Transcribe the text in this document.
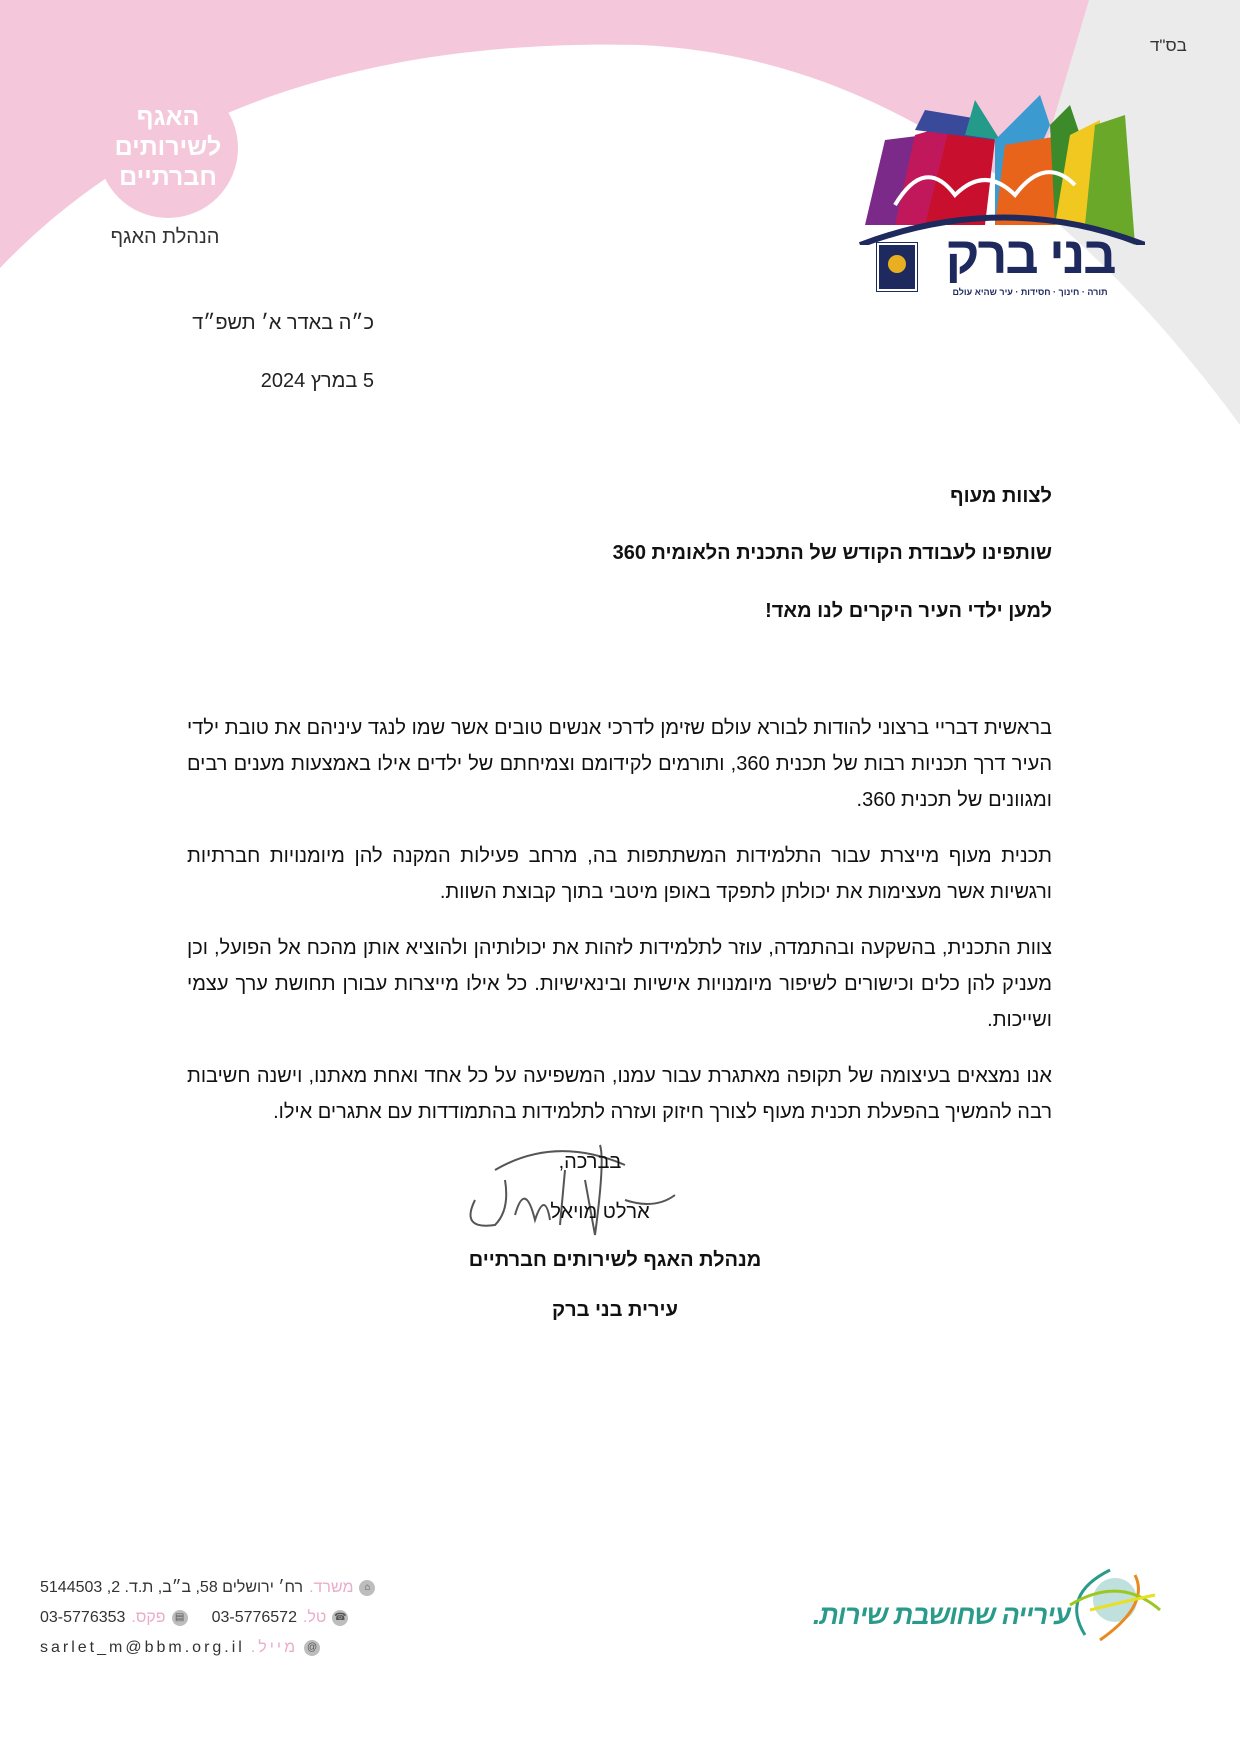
בס"ד
האגף
לשירותים
חברתיים
הנהלת האגף	בני ברק
תורה · חינוך · חסידות · עיר שהיא עולם
כ״ה באדר א׳ תשפ״ד
5 במרץ 2024
לצוות מעוף
שותפינו לעבודת הקודש של התכנית הלאומית 360
למען ילדי העיר היקרים לנו מאד!

בראשית דבריי ברצוני להודות לבורא עולם שזימן לדרכי אנשים טובים אשר שמו לנגד עיניהם את טובת ילדי העיר דרך תכניות רבות של תכנית 360, ותורמים לקידומם וצמיחתם של ילדים אילו באמצעות מענים רבים ומגוונים של תכנית 360.

תכנית מעוף מייצרת עבור התלמידות המשתתפות בה, מרחב פעילות המקנה להן מיומנויות חברתיות ורגשיות אשר מעצימות את יכולתן לתפקד באופן מיטבי בתוך קבוצת השוות.

צוות התכנית, בהשקעה ובהתמדה, עוזר לתלמידות לזהות את יכולותיהן ולהוציא אותן מהכח אל הפועל, וכן מעניק להן כלים וכישורים לשיפור מיומנויות אישיות ובינאישיות. כל אילו מייצרות עבורן תחושת ערך עצמי ושייכות.

אנו נמצאים בעיצומה של תקופה מאתגרת עבור עמנו, המשפיעה על כל אחד ואחת מאתנו, וישנה חשיבות רבה להמשיך בהפעלת תכנית מעוף לצורך חיזוק ועזרה לתלמידות בהתמודדות עם אתגרים אילו.

בברכה,
ארלט מויאל
מנהלת האגף לשירותים חברתיים
עירית בני ברק
⌂
משרד.
רח׳ ירושלים 58, ב״ב, ת.ד. 2, 5144503
☎
טל.
03-5776572
▤
פקס.
03-5776353
@
מייל.
sarlet_m@bbm.org.il
עירייה שחושבת שירות.
